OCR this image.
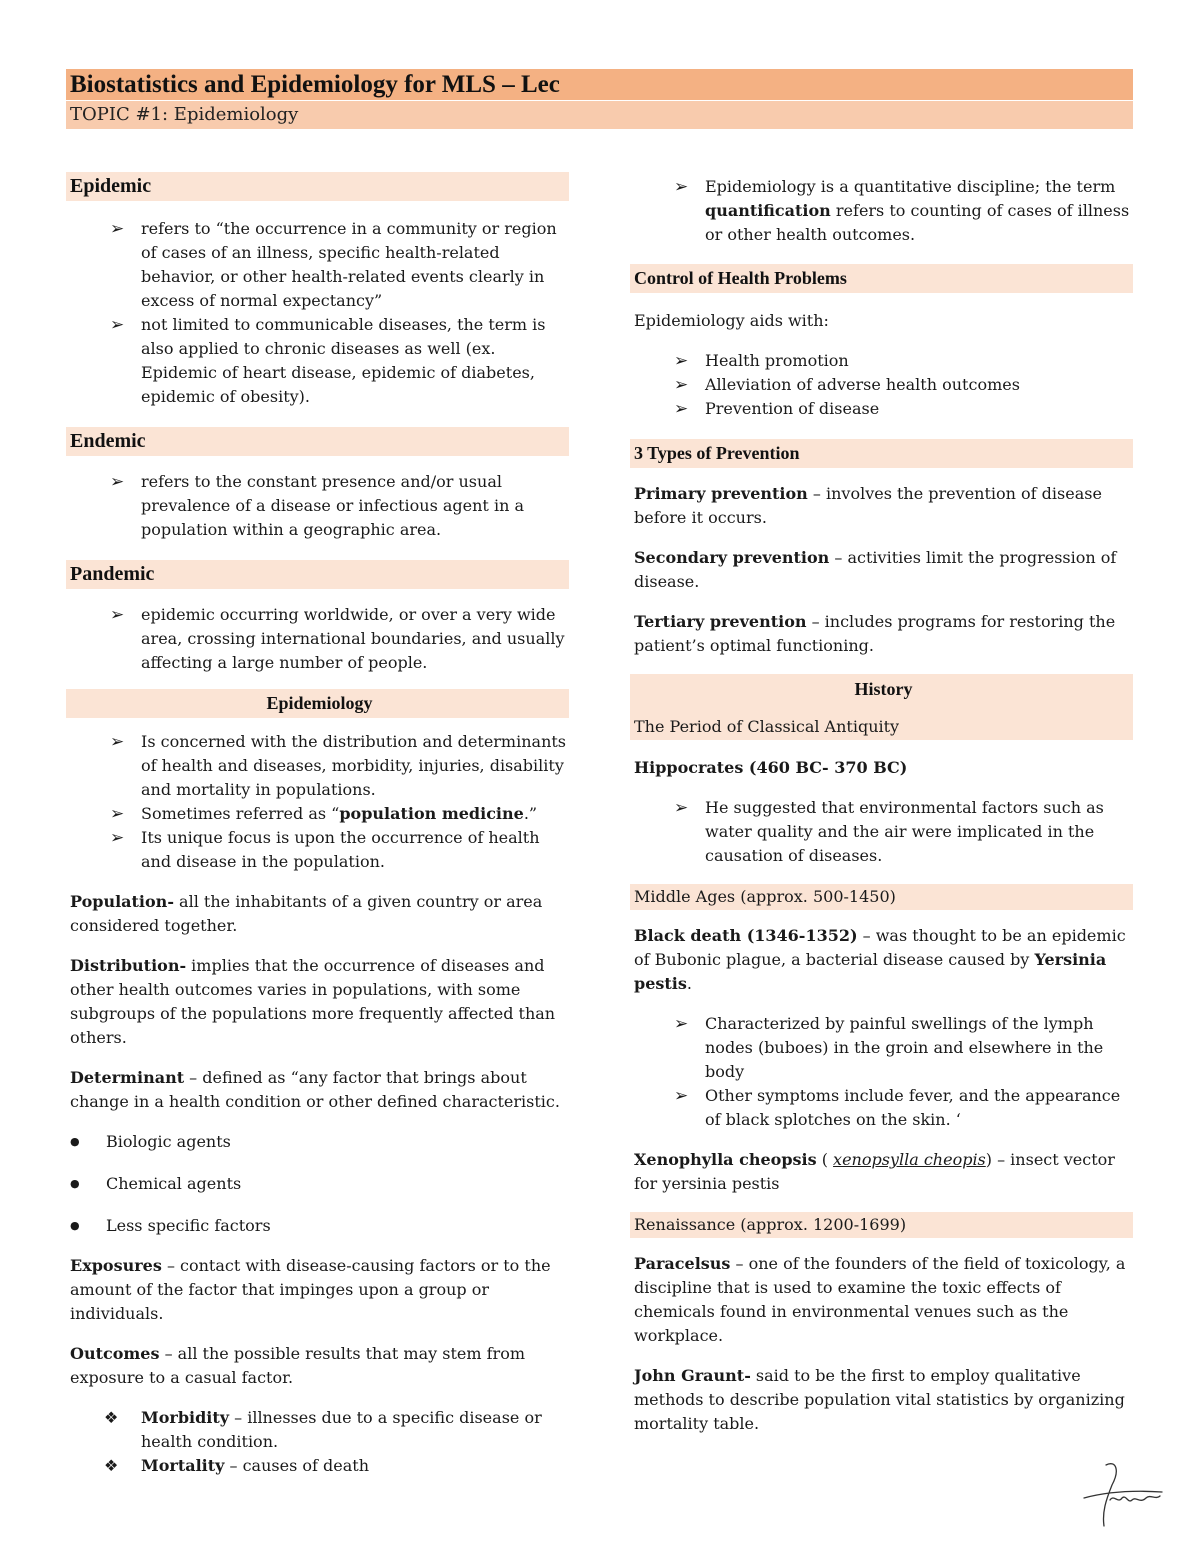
Biostatistics and Epidemiology for MLS – Lec
TOPIC #1: Epidemiology
Epidemic
➢ refers to “the occurrence in a community or region of cases of an illness, specific health-related behavior, or other health-related events clearly in excess of normal expectancy”
➢ not limited to communicable diseases, the term is also applied to chronic diseases as well (ex. Epidemic of heart disease, epidemic of diabetes, epidemic of obesity).
Endemic
➢ refers to the constant presence and/or usual prevalence of a disease or infectious agent in a population within a geographic area.
Pandemic
➢ epidemic occurring worldwide, or over a very wide area, crossing international boundaries, and usually affecting a large number of people.
Epidemiology
➢ Is concerned with the distribution and determinants of health and diseases, morbidity, injuries, disability and mortality in populations.
➢ Sometimes referred as “population medicine.”
➢ Its unique focus is upon the occurrence of health and disease in the population.

Population- all the inhabitants of a given country or area considered together.

Distribution- implies that the occurrence of diseases and other health outcomes varies in populations, with some subgroups of the populations more frequently affected than others.

Determinant – defined as “any factor that brings about change in a health condition or other defined characteristic.

● Biologic agents
● Chemical agents
● Less specific factors

Exposures – contact with disease-causing factors or to the amount of the factor that impinges upon a group or individuals.

Outcomes – all the possible results that may stem from exposure to a casual factor.

❖ Morbidity – illnesses due to a specific disease or health condition.
❖ Mortality – causes of death
➢ Epidemiology is a quantitative discipline; the term quantification refers to counting of cases of illness or other health outcomes.
Control of Health Problems

Epidemiology aids with:

➢ Health promotion
➢ Alleviation of adverse health outcomes
➢ Prevention of disease
3 Types of Prevention

Primary prevention – involves the prevention of disease before it occurs.

Secondary prevention – activities limit the progression of disease.

Tertiary prevention – includes programs for restoring the patient’s optimal functioning.

History
The Period of Classical Antiquity

Hippocrates (460 BC- 370 BC)

➢ He suggested that environmental factors such as water quality and the air were implicated in the causation of diseases.
Middle Ages (approx. 500-1450)

Black death (1346-1352) – was thought to be an epidemic of Bubonic plague, a bacterial disease caused by Yersinia pestis.

➢ Characterized by painful swellings of the lymph nodes (buboes) in the groin and elsewhere in the body
➢ Other symptoms include fever, and the appearance of black splotches on the skin. ‘

Xenophylla cheopsis ( xenopsylla cheopis) – insect vector for yersinia pestis

Renaissance (approx. 1200-1699)

Paracelsus – one of the founders of the field of toxicology, a discipline that is used to examine the toxic effects of chemicals found in environmental venues such as the workplace.

John Graunt- said to be the first to employ qualitative methods to describe population vital statistics by organizing mortality table.
